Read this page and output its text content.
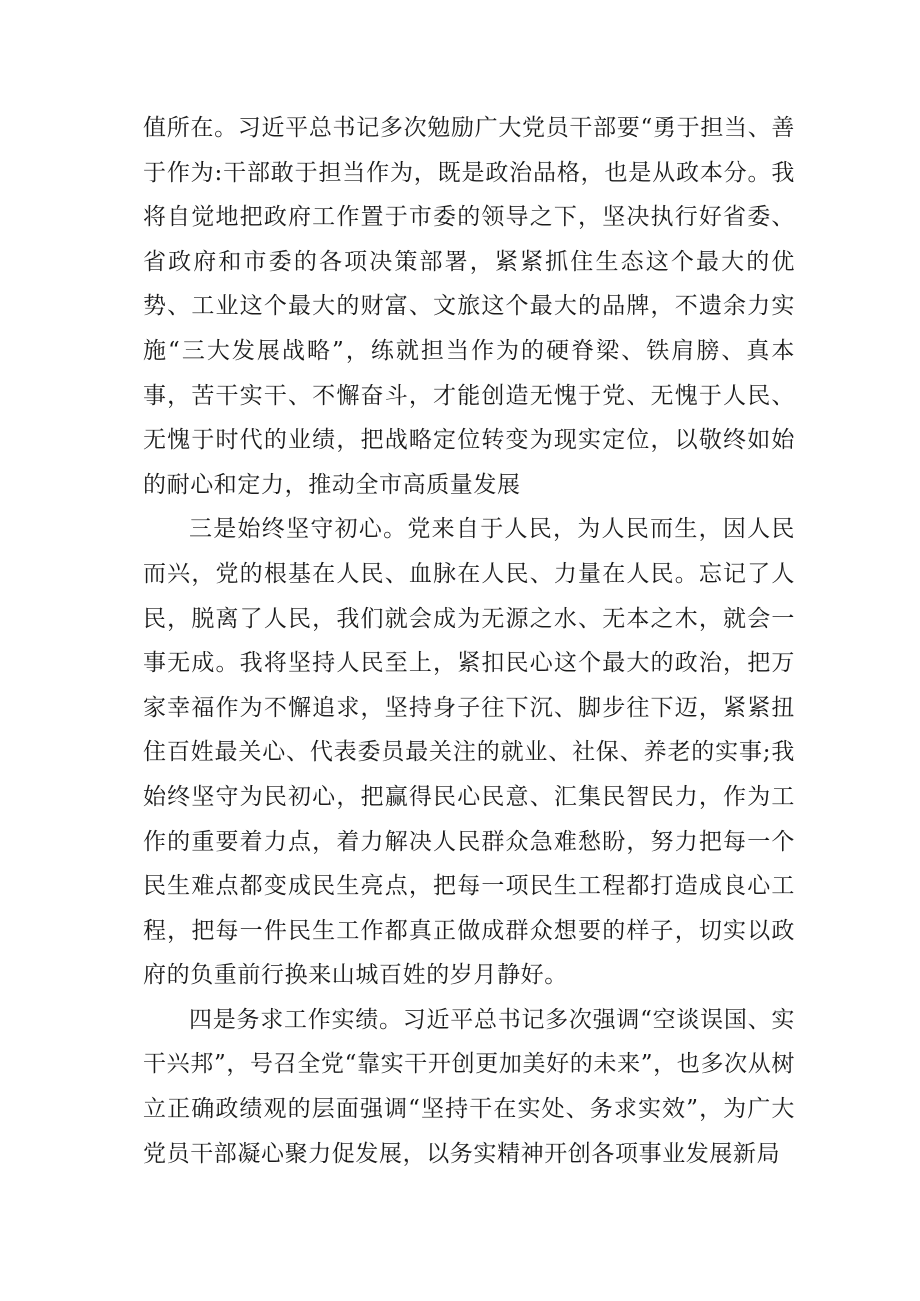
值所在。习近平总书记多次勉励广大党员干部要“勇于担当、善于作为:干部敢于担当作为，既是政治品格，也是从政本分。我将自觉地把政府工作置于市委的领导之下，坚决执行好省委、省政府和市委的各项决策部署，紧紧抓住生态这个最大的优势、工业这个最大的财富、文旅这个最大的品牌，不遗余力实施“三大发展战略”，练就担当作为的硬脊梁、铁肩膀、真本事，苦干实干、不懈奋斗，才能创造无愧于党、无愧于人民、无愧于时代的业绩，把战略定位转变为现实定位，以敬终如始的耐心和定力，推动全市高质量发展

三是始终坚守初心。党来自于人民，为人民而生，因人民而兴，党的根基在人民、血脉在人民、力量在人民。忘记了人民，脱离了人民，我们就会成为无源之水、无本之木，就会一事无成。我将坚持人民至上，紧扣民心这个最大的政治，把万家幸福作为不懈追求，坚持身子往下沉、脚步往下迈，紧紧扭住百姓最关心、代表委员最关注的就业、社保、养老的实事;我始终坚守为民初心，把赢得民心民意、汇集民智民力，作为工作的重要着力点，着力解决人民群众急难愁盼，努力把每一个民生难点都变成民生亮点，把每一项民生工程都打造成良心工程，把每一件民生工作都真正做成群众想要的样子，切实以政府的负重前行换来山城百姓的岁月静好。

四是务求工作实绩。习近平总书记多次强调“空谈误国、实干兴邦”，号召全党“靠实干开创更加美好的未来”，也多次从树立正确政绩观的层面强调“坚持干在实处、务求实效”，为广大党员干部凝心聚力促发展，以务实精神开创各项事业发展新局
